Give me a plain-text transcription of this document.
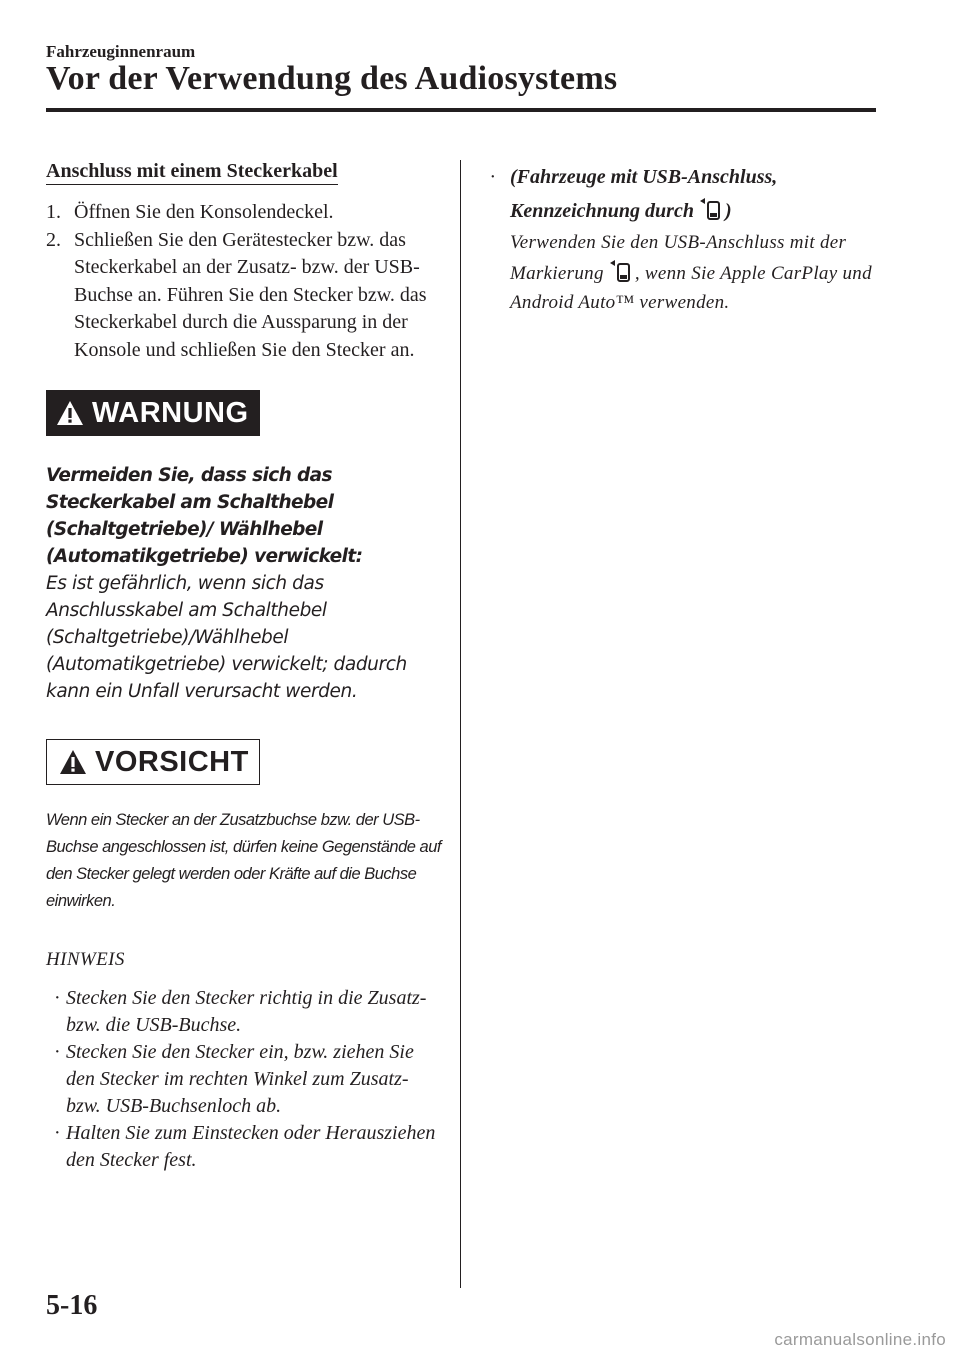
Fahrzeuginnenraum
Vor der Verwendung des Audiosystems
Anschluss mit einem Steckerkabel
1. Öffnen Sie den Konsolendeckel.
2. Schließen Sie den Gerätestecker bzw. das Steckerkabel an der Zusatz- bzw. der USB-Buchse an. Führen Sie den Stecker bzw. das Steckerkabel durch die Aussparung in der Konsole und schließen Sie den Stecker an.
WARNUNG
Vermeiden Sie, dass sich das Steckerkabel am Schalthebel (Schaltgetriebe)/ Wählhebel (Automatikgetriebe) verwickelt:
Es ist gefährlich, wenn sich das Anschlusskabel am Schalthebel (Schaltgetriebe)/Wählhebel (Automatikgetriebe) verwickelt; dadurch kann ein Unfall verursacht werden.
VORSICHT
Wenn ein Stecker an der Zusatzbuchse bzw. der USB-Buchse angeschlossen ist, dürfen keine Gegenstände auf den Stecker gelegt werden oder Kräfte auf die Buchse einwirken.
HINWEIS
· Stecken Sie den Stecker richtig in die Zusatz- bzw. die USB-Buchse.
· Stecken Sie den Stecker ein, bzw. ziehen Sie den Stecker im rechten Winkel zum Zusatz- bzw. USB-Buchsenloch ab.
· Halten Sie zum Einstecken oder Herausziehen den Stecker fest.
· (Fahrzeuge mit USB-Anschluss, Kennzeichnung durch )
Verwenden Sie den USB-Anschluss mit der Markierung , wenn Sie Apple CarPlay und Android Auto™ verwenden.
5-16
carmanualsonline.info
